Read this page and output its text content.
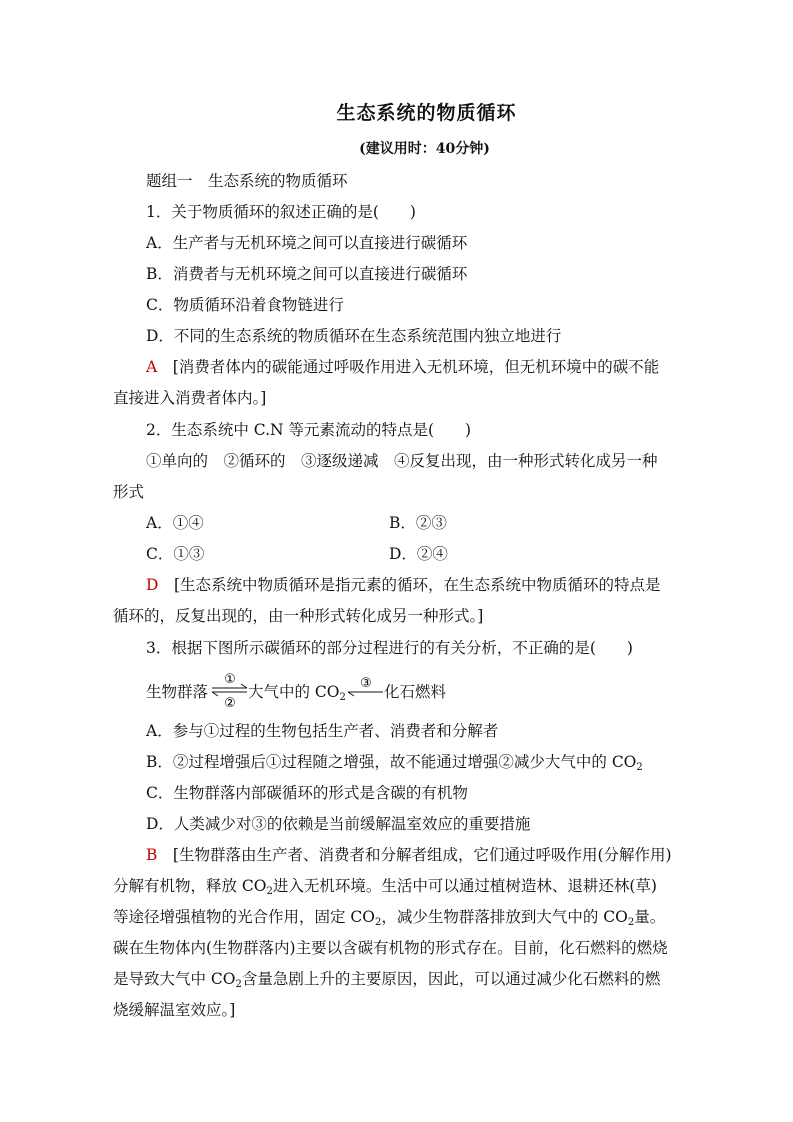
生态系统的物质循环
(建议用时：40分钟)
题组一　生态系统的物质循环
1．关于物质循环的叙述正确的是(　　)
A．生产者与无机环境之间可以直接进行碳循环
B．消费者与无机环境之间可以直接进行碳循环
C．物质循环沿着食物链进行
D．不同的生态系统的物质循环在生态系统范围内独立地进行
A　 [消费者体内的碳能通过呼吸作用进入无机环境，但无机环境中的碳不能
直接进入消费者体内。]
2．生态系统中 C.N 等元素流动的特点是(　　)
①单向的　②循环的　③逐级递减　④反复出现，由一种形式转化成另一种
形式
A．①④	B．②③
C．①③	D．②④
D　 [生态系统中物质循环是指元素的循环，在生态系统中物质循环的特点是
循环的，反复出现的，由一种形式转化成另一种形式。]
3．根据下图所示碳循环的部分过程进行的有关分析，不正确的是(　　)
生物群落
①
②
大气中的 $CO_2$
③ 化石燃料
A．参与①过程的生物包括生产者、消费者和分解者
B．②过程增强后①过程随之增强，故不能通过增强②减少大气中的 $CO_2$
C．生物群落内部碳循环的形式是含碳的有机物
D．人类减少对③的依赖是当前缓解温室效应的重要措施
B　 [生物群落由生产者、消费者和分解者组成，它们通过呼吸作用(分解作用)
分解有机物，释放 $CO_2$进入无机环境。生活中可以通过植树造林、退耕还林(草)
等途径增强植物的光合作用，固定 $CO_2$，减少生物群落排放到大气中的 $CO_2$量。
碳在生物体内(生物群落内)主要以含碳有机物的形式存在。目前，化石燃料的燃烧
是导致大气中 $CO_2$含量急剧上升的主要原因，因此，可以通过减少化石燃料的燃
烧缓解温室效应。]
